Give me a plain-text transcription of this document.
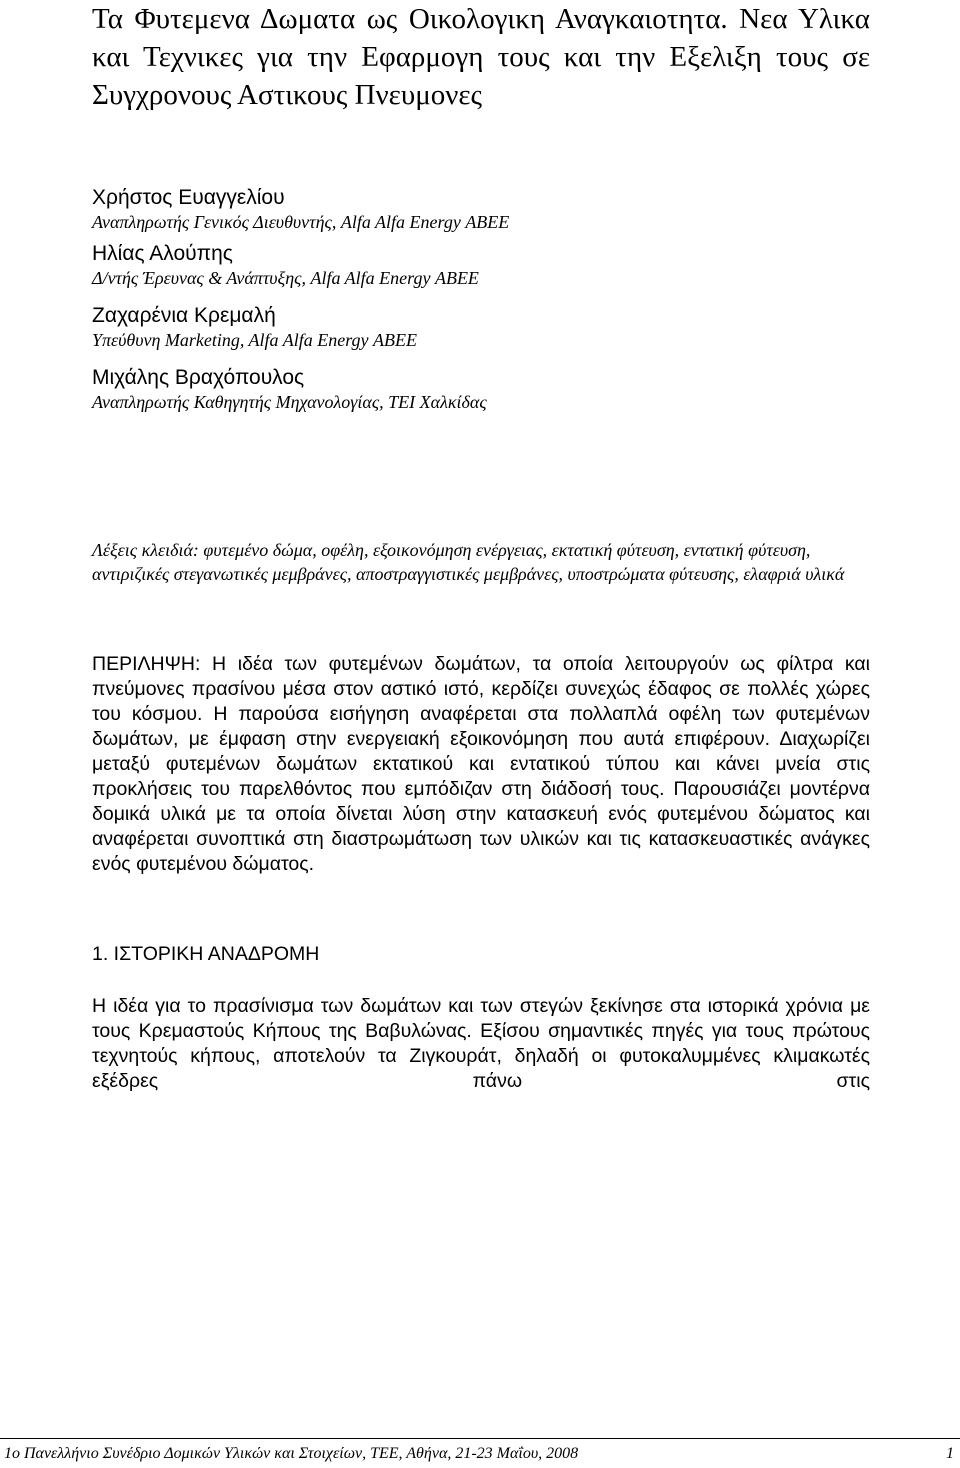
Τα Φυτεμενα Δωματα ως Οικολογικη Αναγκαιοτητα. Νεα Υλικα και Τεχνικες για την Εφαρμογη τους και την Εξελιξη τους σε Συγχρονους Αστικους Πνευμονες

Χρήστος Ευαγγελίου
Αναπληρωτής Γενικός Διευθυντής, Alfa Alfa Energy ΑΒΕΕ

Ηλίας Αλούπης
Δ/ντής Έρευνας & Ανάπτυξης, Alfa Alfa Energy ΑΒΕΕ

Ζαχαρένια Κρεμαλή
Υπεύθυνη Marketing, Alfa Alfa Energy ΑΒΕΕ

Μιχάλης Βραχόπουλος
Αναπληρωτής Καθηγητής Μηχανολογίας, ΤΕΙ Χαλκίδας

Λέξεις κλειδιά: φυτεμένο δώμα, οφέλη, εξοικονόμηση ενέργειας, εκτατική φύτευση, εντατική φύτευση, αντιριζικές στεγανωτικές μεμβράνες, αποστραγγιστικές μεμβράνες, υποστρώματα φύτευσης, ελαφριά υλικά

ΠΕΡΙΛΗΨΗ: Η ιδέα των φυτεμένων δωμάτων, τα οποία λειτουργούν ως φίλτρα και πνεύμονες πρασίνου μέσα στον αστικό ιστό, κερδίζει συνεχώς έδαφος σε πολλές χώρες του κόσμου. Η παρούσα εισήγηση αναφέρεται στα πολλαπλά οφέλη των φυτεμένων δωμάτων, με έμφαση στην ενεργειακή εξοικονόμηση που αυτά επιφέρουν. Διαχωρίζει μεταξύ φυτεμένων δωμάτων εκτατικού και εντατικού τύπου και κάνει μνεία στις προκλήσεις του παρελθόντος που εμπόδιζαν στη διάδοσή τους. Παρουσιάζει μοντέρνα δομικά υλικά με τα οποία δίνεται λύση στην κατασκευή ενός φυτεμένου δώματος και αναφέρεται συνοπτικά στη διαστρωμάτωση των υλικών και τις κατασκευαστικές ανάγκες ενός φυτεμένου δώματος.

1. ΙΣΤΟΡΙΚΗ ΑΝΑΔΡΟΜΗ

Η ιδέα για το πρασίνισμα των δωμάτων και των στεγών ξεκίνησε στα ιστορικά χρόνια με τους Κρεμαστούς Κήπους της Βαβυλώνας. Εξίσου σημαντικές πηγές για τους πρώτους τεχνητούς κήπους, αποτελούν τα Ζιγκουράτ, δηλαδή οι φυτοκαλυμμένες κλιμακωτές εξέδρες πάνω στις

1ο Πανελλήνιο Συνέδριο Δομικών Υλικών και Στοιχείων, ΤΕΕ, Αθήνα, 21-23 Μαΐου, 2008	1
